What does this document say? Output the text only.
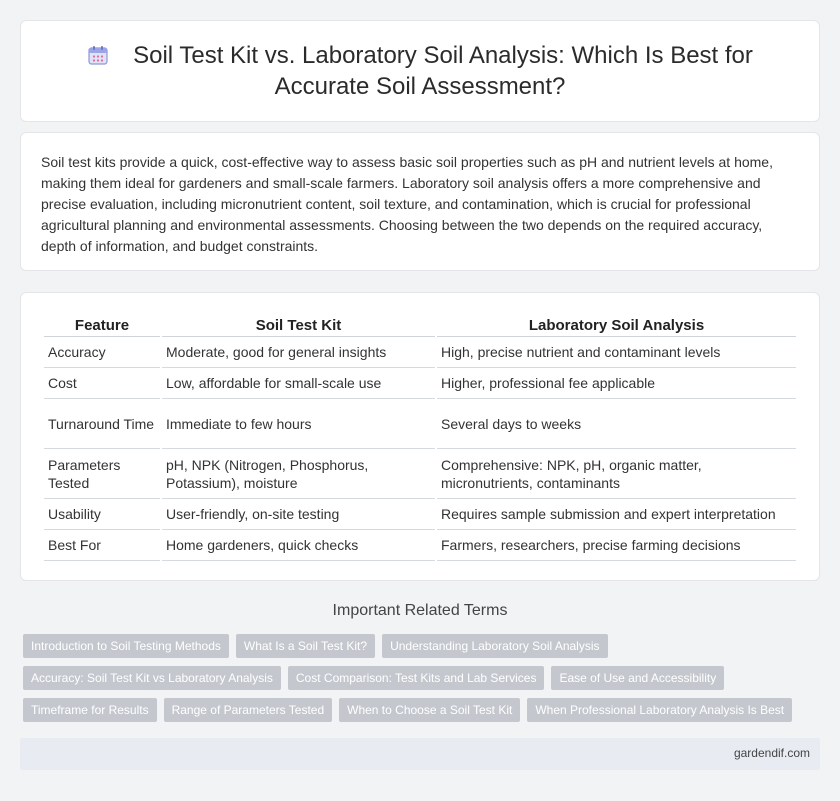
Soil Test Kit vs. Laboratory Soil Analysis: Which Is Best for Accurate Soil Assessment?
Soil test kits provide a quick, cost-effective way to assess basic soil properties such as pH and nutrient levels at home, making them ideal for gardeners and small-scale farmers. Laboratory soil analysis offers a more comprehensive and precise evaluation, including micronutrient content, soil texture, and contamination, which is crucial for professional agricultural planning and environmental assessments. Choosing between the two depends on the required accuracy, depth of information, and budget constraints.
Feature	Soil Test Kit	Laboratory Soil Analysis
Accuracy	Moderate, good for general insights	High, precise nutrient and contaminant levels
Cost	Low, affordable for small-scale use	Higher, professional fee applicable
Turnaround Time	Immediate to few hours	Several days to weeks
Parameters Tested	pH, NPK (Nitrogen, Phosphorus, Potassium), moisture	Comprehensive: NPK, pH, organic matter, micronutrients, contaminants
Usability	User-friendly, on-site testing	Requires sample submission and expert interpretation
Best For	Home gardeners, quick checks	Farmers, researchers, precise farming decisions
Important Related Terms
Introduction to Soil Testing Methods	What Is a Soil Test Kit?	Understanding Laboratory Soil Analysis
Accuracy: Soil Test Kit vs Laboratory Analysis	Cost Comparison: Test Kits and Lab Services	Ease of Use and Accessibility
Timeframe for Results	Range of Parameters Tested	When to Choose a Soil Test Kit	When Professional Laboratory Analysis Is Best
gardendif.com
